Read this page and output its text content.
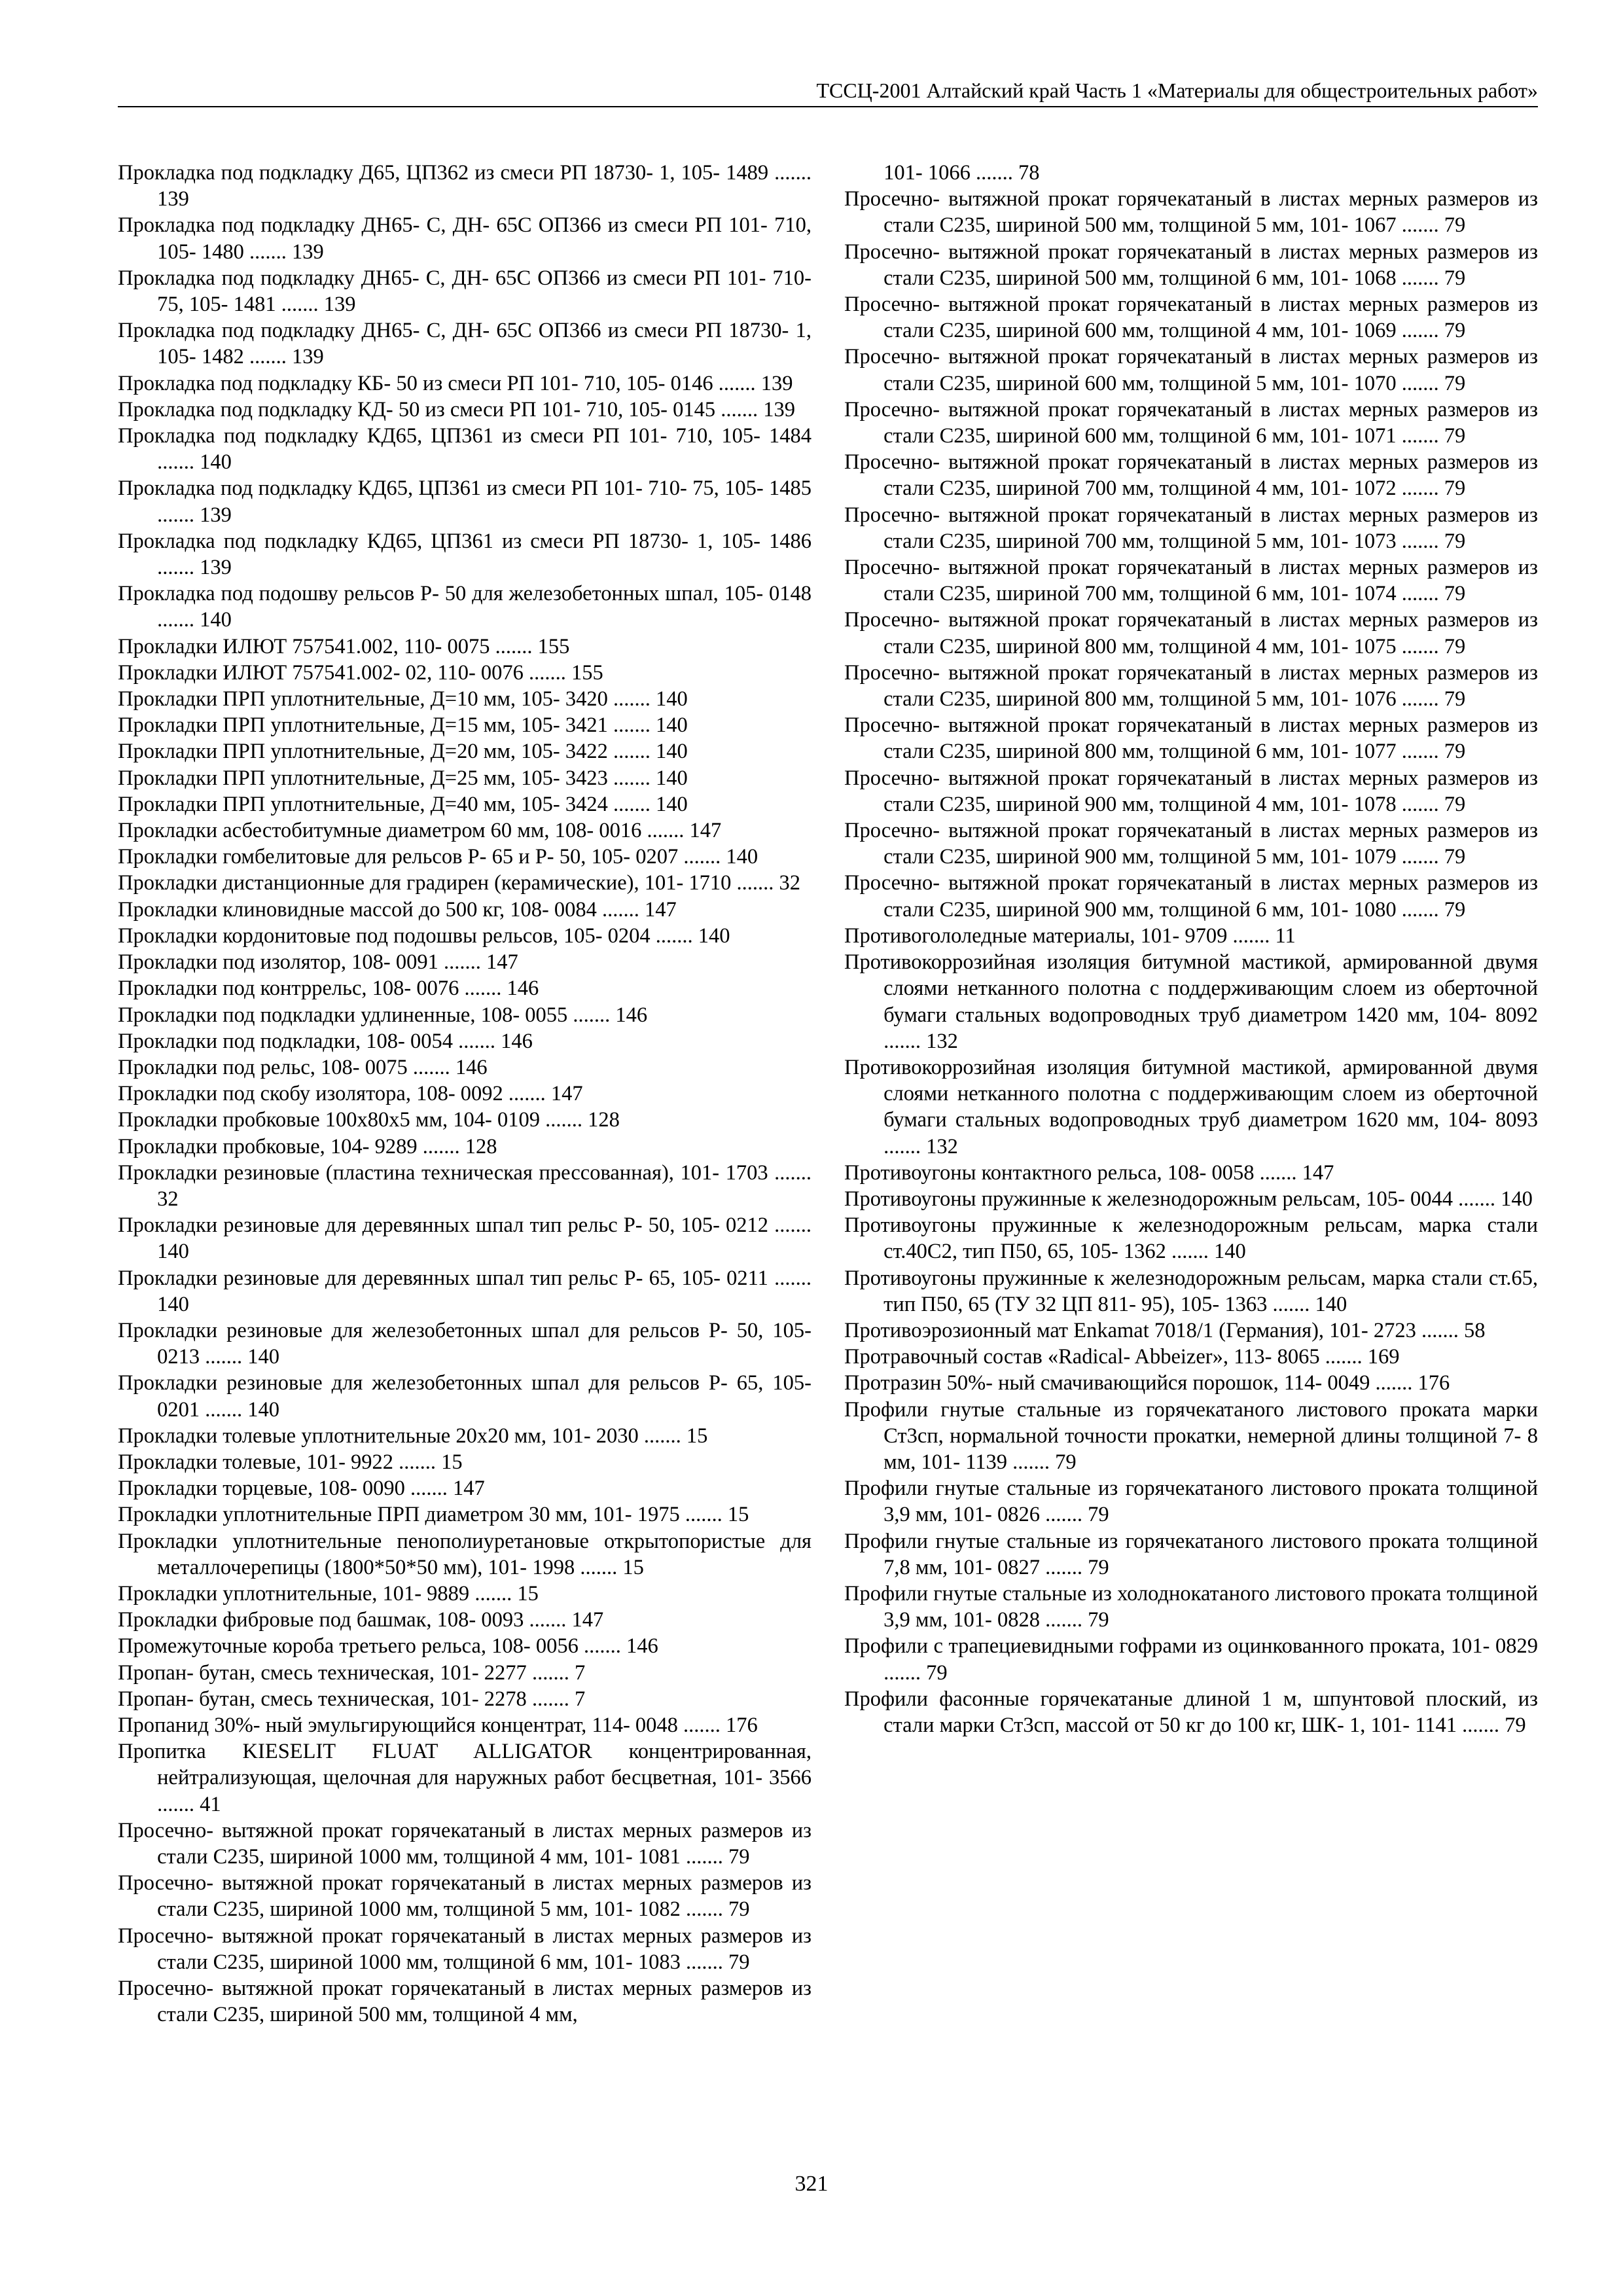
ТССЦ-2001 Алтайский край Часть 1 «Материалы для общестроительных работ»

Прокладка под подкладку Д65, ЦП362 из смеси РП 18730- 1, 105- 1489 ....... 139

Прокладка под подкладку ДН65- С, ДН- 65С ОП366 из смеси РП 101- 710, 105- 1480 ....... 139

Прокладка под подкладку ДН65- С, ДН- 65С ОП366 из смеси РП 101- 710- 75, 105- 1481 ....... 139

Прокладка под подкладку ДН65- С, ДН- 65С ОП366 из смеси РП 18730- 1, 105- 1482 ....... 139

Прокладка под подкладку КБ- 50 из смеси РП 101- 710, 105- 0146 ....... 139

Прокладка под подкладку КД- 50 из смеси РП 101- 710, 105- 0145 ....... 139

Прокладка под подкладку КД65, ЦП361 из смеси РП 101- 710, 105- 1484 ....... 140

Прокладка под подкладку КД65, ЦП361 из смеси РП 101- 710- 75, 105- 1485 ....... 139

Прокладка под подкладку КД65, ЦП361 из смеси РП 18730- 1, 105- 1486 ....... 139

Прокладка под подошву рельсов Р- 50 для железобетонных шпал, 105- 0148 ....... 140

Прокладки ИЛЮТ 757541.002, 110- 0075 ....... 155

Прокладки ИЛЮТ 757541.002- 02, 110- 0076 ....... 155

Прокладки ПРП уплотнительные, Д=10 мм, 105- 3420 ....... 140

Прокладки ПРП уплотнительные, Д=15 мм, 105- 3421 ....... 140

Прокладки ПРП уплотнительные, Д=20 мм, 105- 3422 ....... 140

Прокладки ПРП уплотнительные, Д=25 мм, 105- 3423 ....... 140

Прокладки ПРП уплотнительные, Д=40 мм, 105- 3424 ....... 140

Прокладки асбестобитумные диаметром 60 мм, 108- 0016 ....... 147

Прокладки гомбелитовые для рельсов Р- 65 и Р- 50, 105- 0207 ....... 140

Прокладки дистанционные для градирен (керамические), 101- 1710 ....... 32

Прокладки клиновидные массой до 500 кг, 108- 0084 ....... 147

Прокладки кордонитовые под подошвы рельсов, 105- 0204 ....... 140

Прокладки под изолятор, 108- 0091 ....... 147

Прокладки под контррельс, 108- 0076 ....... 146

Прокладки под подкладки удлиненные, 108- 0055 ....... 146

Прокладки под подкладки, 108- 0054 ....... 146

Прокладки под рельс, 108- 0075 ....... 146

Прокладки под скобу изолятора, 108- 0092 ....... 147

Прокладки пробковые 100х80х5 мм, 104- 0109 ....... 128

Прокладки пробковые, 104- 9289 ....... 128

Прокладки резиновые (пластина техническая прессованная), 101- 1703 ....... 32

Прокладки резиновые для деревянных шпал тип рельс Р- 50, 105- 0212 ....... 140

Прокладки резиновые для деревянных шпал тип рельс Р- 65, 105- 0211 ....... 140

Прокладки резиновые для железобетонных шпал для рельсов Р- 50, 105- 0213 ....... 140

Прокладки резиновые для железобетонных шпал для рельсов Р- 65, 105- 0201 ....... 140

Прокладки толевые уплотнительные 20х20 мм, 101- 2030 ....... 15

Прокладки толевые, 101- 9922 ....... 15

Прокладки торцевые, 108- 0090 ....... 147

Прокладки уплотнительные ПРП диаметром 30 мм, 101- 1975 ....... 15

Прокладки уплотнительные пенополиуретановые открытопористые для металлочерепицы (1800*50*50 мм), 101- 1998 ....... 15

Прокладки уплотнительные, 101- 9889 ....... 15

Прокладки фибровые под башмак, 108- 0093 ....... 147

Промежуточные короба третьего рельса, 108- 0056 ....... 146

Пропан- бутан, смесь техническая, 101- 2277 ....... 7

Пропан- бутан, смесь техническая, 101- 2278 ....... 7

Пропанид 30%- ный эмульгирующийся концентрат, 114- 0048 ....... 176

Пропитка KIESELIT FLUAT ALLIGATOR концентрированная, нейтрализующая, щелочная для наружных работ бесцветная, 101- 3566 ....... 41

Просечно- вытяжной прокат горячекатаный в листах мерных размеров из стали С235, шириной 1000 мм, толщиной 4 мм, 101- 1081 ....... 79

Просечно- вытяжной прокат горячекатаный в листах мерных размеров из стали С235, шириной 1000 мм, толщиной 5 мм, 101- 1082 ....... 79

Просечно- вытяжной прокат горячекатаный в листах мерных размеров из стали С235, шириной 1000 мм, толщиной 6 мм, 101- 1083 ....... 79

Просечно- вытяжной прокат горячекатаный в листах мерных размеров из стали С235, шириной 500 мм, толщиной 4 мм,

101- 1066 ....... 78

Просечно- вытяжной прокат горячекатаный в листах мерных размеров из стали С235, шириной 500 мм, толщиной 5 мм, 101- 1067 ....... 79

Просечно- вытяжной прокат горячекатаный в листах мерных размеров из стали С235, шириной 500 мм, толщиной 6 мм, 101- 1068 ....... 79

Просечно- вытяжной прокат горячекатаный в листах мерных размеров из стали С235, шириной 600 мм, толщиной 4 мм, 101- 1069 ....... 79

Просечно- вытяжной прокат горячекатаный в листах мерных размеров из стали С235, шириной 600 мм, толщиной 5 мм, 101- 1070 ....... 79

Просечно- вытяжной прокат горячекатаный в листах мерных размеров из стали С235, шириной 600 мм, толщиной 6 мм, 101- 1071 ....... 79

Просечно- вытяжной прокат горячекатаный в листах мерных размеров из стали С235, шириной 700 мм, толщиной 4 мм, 101- 1072 ....... 79

Просечно- вытяжной прокат горячекатаный в листах мерных размеров из стали С235, шириной 700 мм, толщиной 5 мм, 101- 1073 ....... 79

Просечно- вытяжной прокат горячекатаный в листах мерных размеров из стали С235, шириной 700 мм, толщиной 6 мм, 101- 1074 ....... 79

Просечно- вытяжной прокат горячекатаный в листах мерных размеров из стали С235, шириной 800 мм, толщиной 4 мм, 101- 1075 ....... 79

Просечно- вытяжной прокат горячекатаный в листах мерных размеров из стали С235, шириной 800 мм, толщиной 5 мм, 101- 1076 ....... 79

Просечно- вытяжной прокат горячекатаный в листах мерных размеров из стали С235, шириной 800 мм, толщиной 6 мм, 101- 1077 ....... 79

Просечно- вытяжной прокат горячекатаный в листах мерных размеров из стали С235, шириной 900 мм, толщиной 4 мм, 101- 1078 ....... 79

Просечно- вытяжной прокат горячекатаный в листах мерных размеров из стали С235, шириной 900 мм, толщиной 5 мм, 101- 1079 ....... 79

Просечно- вытяжной прокат горячекатаный в листах мерных размеров из стали С235, шириной 900 мм, толщиной 6 мм, 101- 1080 ....... 79

Противогололедные материалы, 101- 9709 ....... 11

Противокоррозийная изоляция битумной мастикой, армированной двумя слоями нетканного полотна с поддерживающим слоем из оберточной бумаги стальных водопроводных труб диаметром 1420 мм, 104- 8092 ....... 132

Противокоррозийная изоляция битумной мастикой, армированной двумя слоями нетканного полотна с поддерживающим слоем из оберточной бумаги стальных водопроводных труб диаметром 1620 мм, 104- 8093 ....... 132

Противоугоны контактного рельса, 108- 0058 ....... 147

Противоугоны пружинные к железнодорожным рельсам, 105- 0044 ....... 140

Противоугоны пружинные к железнодорожным рельсам, марка стали ст.40С2, тип П50, 65, 105- 1362 ....... 140

Противоугоны пружинные к железнодорожным рельсам, марка стали ст.65, тип П50, 65 (ТУ 32 ЦП 811- 95), 105- 1363 ....... 140

Противоэрозионный мат Enkamat 7018/1 (Германия), 101- 2723 ....... 58

Протравочный состав «Radical- Abbeizer», 113- 8065 ....... 169

Протразин 50%- ный смачивающийся порошок, 114- 0049 ....... 176

Профили гнутые стальные из горячекатаного листового проката марки Ст3сп, нормальной точности прокатки, немерной длины толщиной 7- 8 мм, 101- 1139 ....... 79

Профили гнутые стальные из горячекатаного листового проката толщиной 3,9 мм, 101- 0826 ....... 79

Профили гнутые стальные из горячекатаного листового проката толщиной 7,8 мм, 101- 0827 ....... 79

Профили гнутые стальные из холоднокатаного листового проката толщиной 3,9 мм, 101- 0828 ....... 79

Профили с трапециевидными гофрами из оцинкованного проката, 101- 0829 ....... 79

Профили фасонные горячекатаные длиной 1 м, шпунтовой плоский, из стали марки Ст3сп, массой от 50 кг до 100 кг, ШК- 1, 101- 1141 ....... 79

321
